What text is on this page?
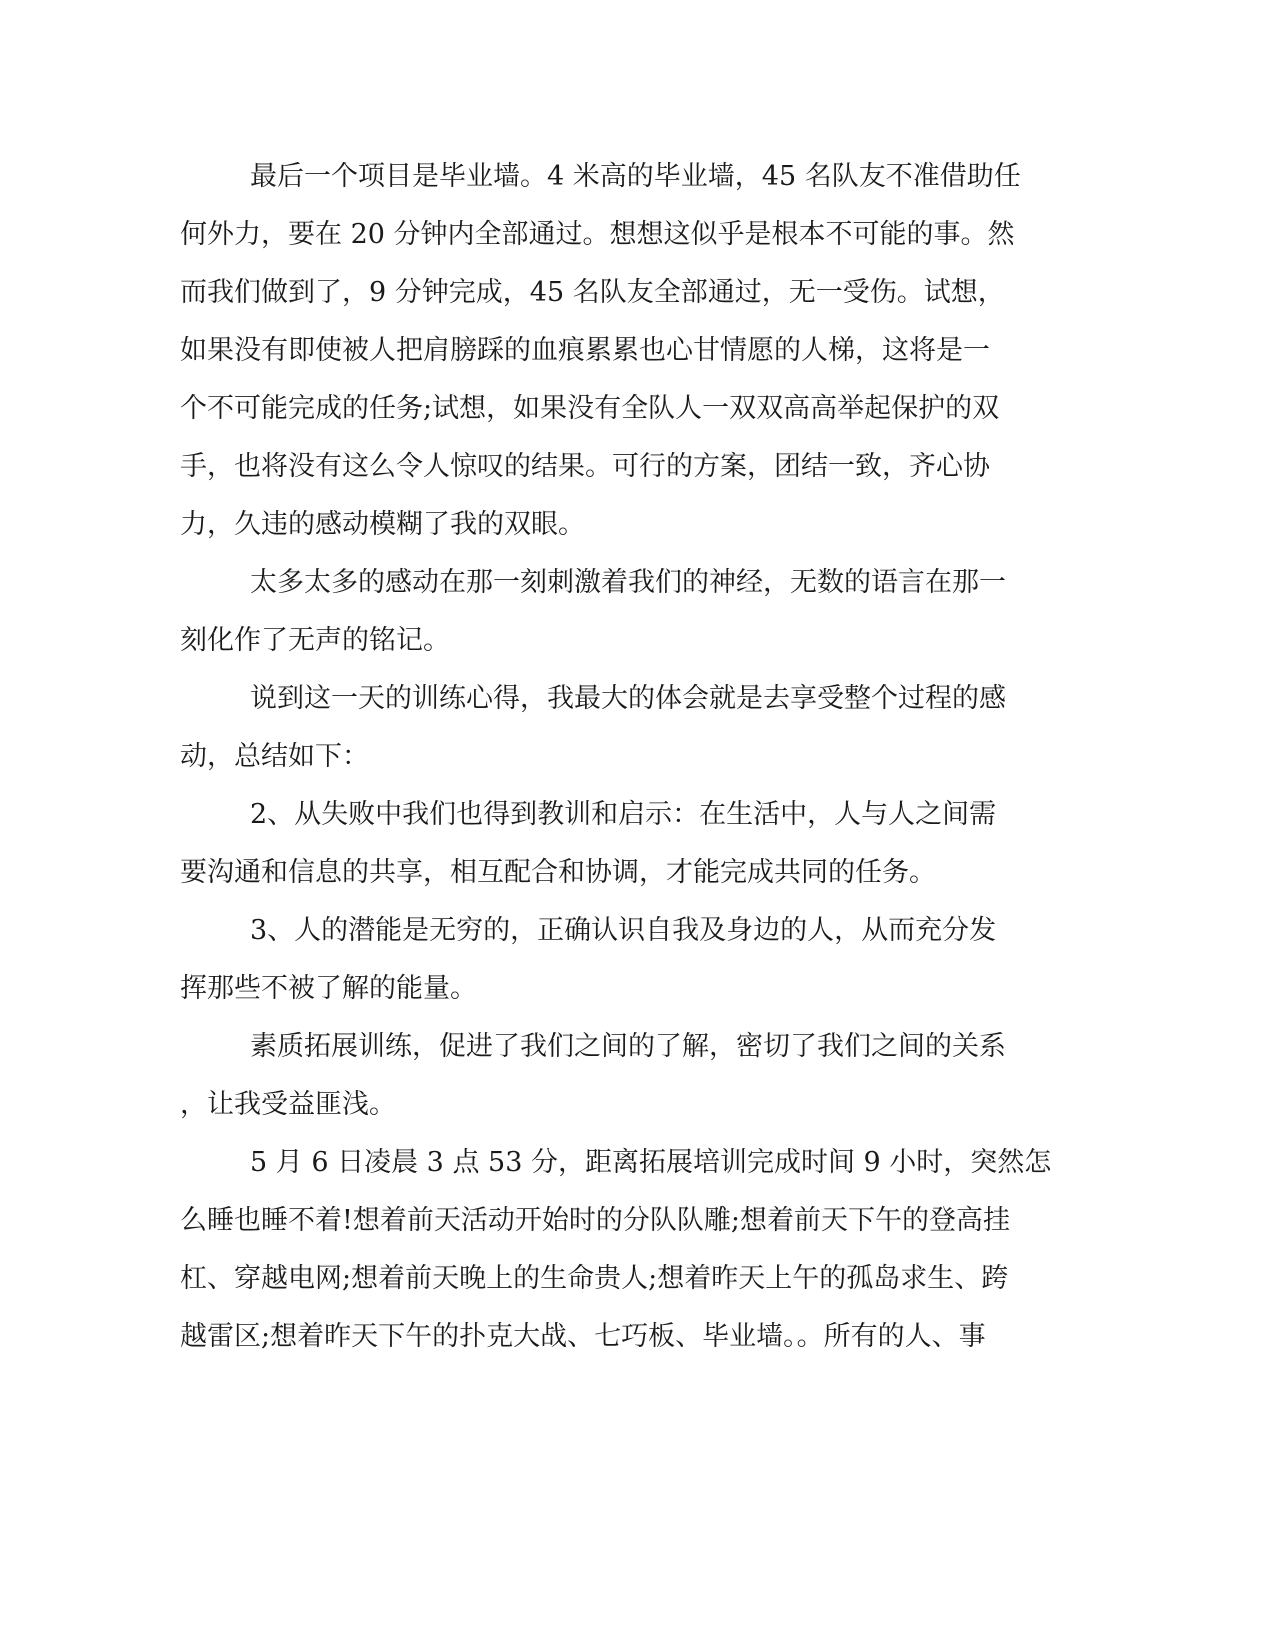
最后一个项目是毕业墙。4 米高的毕业墙，45 名队友不准借助任
何外力，要在 20 分钟内全部通过。想想这似乎是根本不可能的事。然
而我们做到了，9 分钟完成，45 名队友全部通过，无一受伤。试想，
如果没有即使被人把肩膀踩的血痕累累也心甘情愿的人梯，这将是一
个不可能完成的任务;试想，如果没有全队人一双双高高举起保护的双
手，也将没有这么令人惊叹的结果。可行的方案，团结一致，齐心协
力，久违的感动模糊了我的双眼。
太多太多的感动在那一刻刺激着我们的神经，无数的语言在那一
刻化作了无声的铭记。
说到这一天的训练心得，我最大的体会就是去享受整个过程的感
动，总结如下：
2、从失败中我们也得到教训和启示：在生活中，人与人之间需
要沟通和信息的共享，相互配合和协调，才能完成共同的任务。
3、人的潜能是无穷的，正确认识自我及身边的人，从而充分发
挥那些不被了解的能量。
素质拓展训练，促进了我们之间的了解，密切了我们之间的关系
，让我受益匪浅。
5 月 6 日凌晨 3 点 53 分，距离拓展培训完成时间 9 小时，突然怎
么睡也睡不着!想着前天活动开始时的分队队雕;想着前天下午的登高挂
杠、穿越电网;想着前天晚上的生命贵人;想着昨天上午的孤岛求生、跨
越雷区;想着昨天下午的扑克大战、七巧板、毕业墙。。所有的人、事
